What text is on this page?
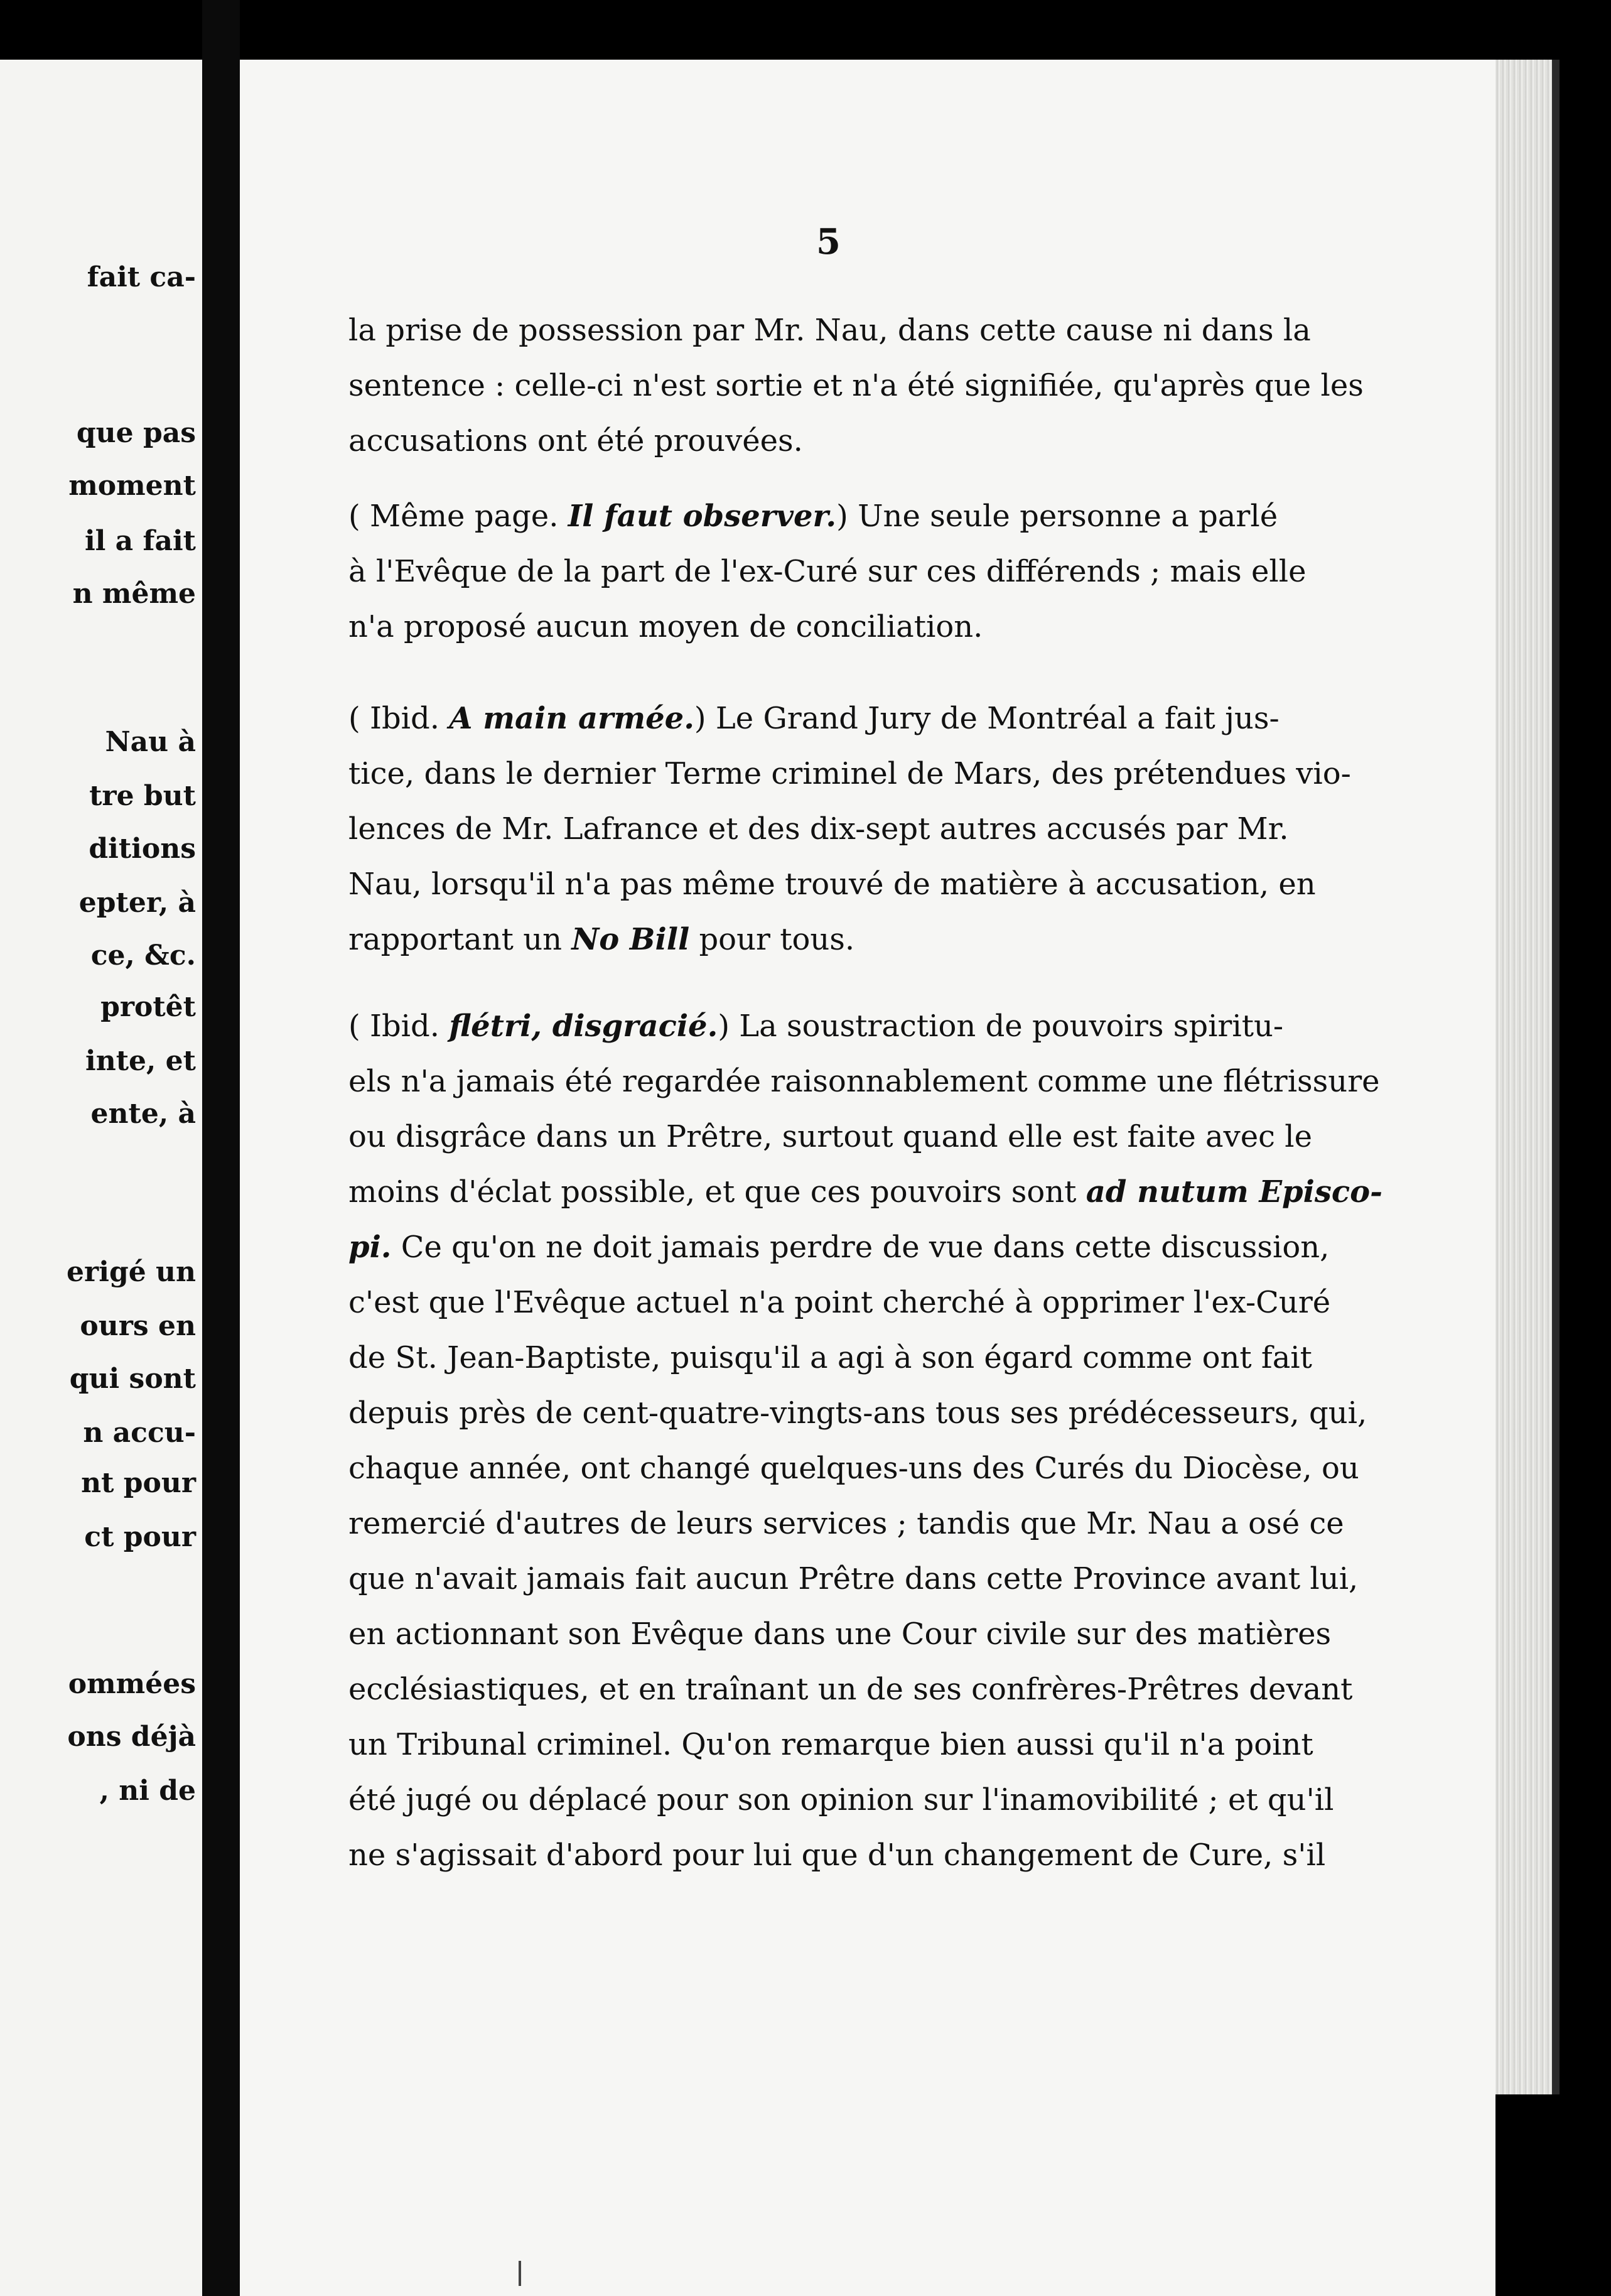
fait ca-
que pas
moment
il a fait
n même
Nau à
tre but
ditions
epter, à
ce, &c.
protêt
inte, et
ente, à
erigé un
ours en
qui sont
n accu-
nt pour
ct pour
ommées
ons déjà
, ni de
5
la prise de possession par Mr. Nau, dans cette cause ni dans la
sentence : celle-ci n'est sortie et n'a été signifiée, qu'après que les
accusations ont été prouvées.
( Même page. Il faut observer.) Une seule personne a parlé
à l'Evêque de la part de l'ex-Curé sur ces différends ; mais elle
n'a proposé aucun moyen de conciliation.
( Ibid. A main armée.) Le Grand Jury de Montréal a fait jus-
tice, dans le dernier Terme criminel de Mars, des prétendues vio-
lences de Mr. Lafrance et des dix-sept autres accusés par Mr.
Nau, lorsqu'il n'a pas même trouvé de matière à accusation, en
rapportant un No Bill pour tous.
( Ibid. flétri, disgracié.) La soustraction de pouvoirs spiritu-
els n'a jamais été regardée raisonnablement comme une flétrissure
ou disgrâce dans un Prêtre, surtout quand elle est faite avec le
moins d'éclat possible, et que ces pouvoirs sont ad nutum Episco-
pi. Ce qu'on ne doit jamais perdre de vue dans cette discussion,
c'est que l'Evêque actuel n'a point cherché à opprimer l'ex-Curé
de St. Jean-Baptiste, puisqu'il a agi à son égard comme ont fait
depuis près de cent-quatre-vingts-ans tous ses prédécesseurs, qui,
chaque année, ont changé quelques-uns des Curés du Diocèse, ou
remercié d'autres de leurs services ; tandis que Mr. Nau a osé ce
que n'avait jamais fait aucun Prêtre dans cette Province avant lui,
en actionnant son Evêque dans une Cour civile sur des matières
ecclésiastiques, et en traînant un de ses confrères-Prêtres devant
un Tribunal criminel. Qu'on remarque bien aussi qu'il n'a point
été jugé ou déplacé pour son opinion sur l'inamovibilité ; et qu'il
ne s'agissait d'abord pour lui que d'un changement de Cure, s'il
